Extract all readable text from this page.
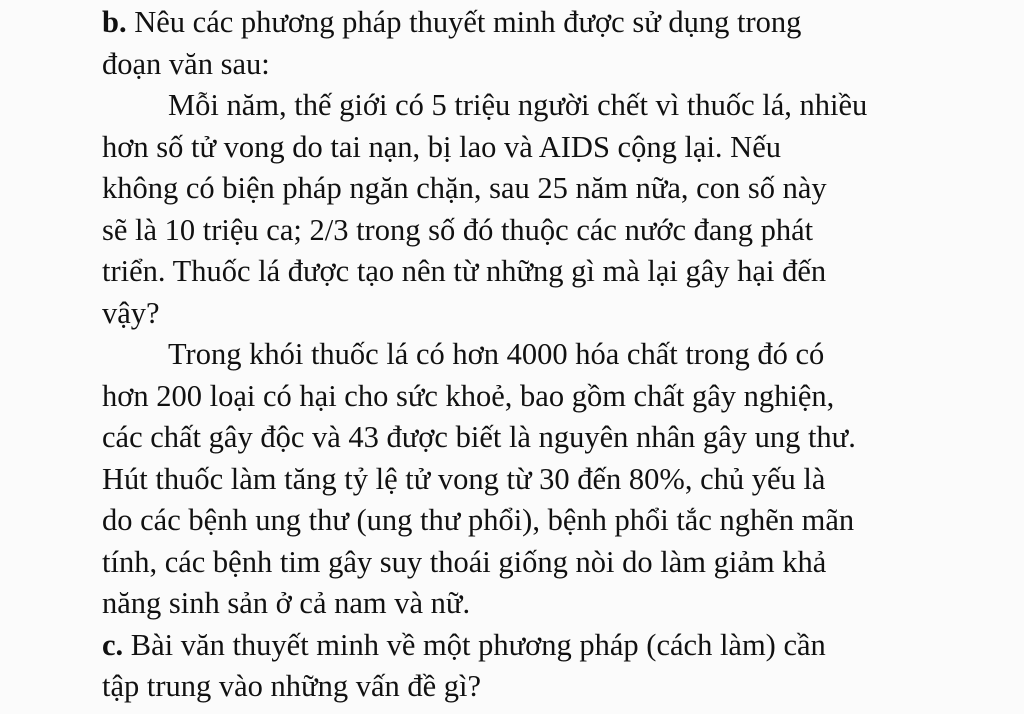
b. Nêu các phương pháp thuyết minh được sử dụng trong
đoạn văn sau:
Mỗi năm, thế giới có 5 triệu người chết vì thuốc lá, nhiều
hơn số tử vong do tai nạn, bị lao và AIDS cộng lại. Nếu
không có biện pháp ngăn chặn, sau 25 năm nữa, con số này
sẽ là 10 triệu ca; 2/3 trong số đó thuộc các nước đang phát
triển. Thuốc lá được tạo nên từ những gì mà lại gây hại đến
vậy?
Trong khói thuốc lá có hơn 4000 hóa chất trong đó có
hơn 200 loại có hại cho sức khoẻ, bao gồm chất gây nghiện,
các chất gây độc và 43 được biết là nguyên nhân gây ung thư.
Hút thuốc làm tăng tỷ lệ tử vong từ 30 đến 80%, chủ yếu là
do các bệnh ung thư (ung thư phổi), bệnh phổi tắc nghẽn mãn
tính, các bệnh tim gây suy thoái giống nòi do làm giảm khả
năng sinh sản ở cả nam và nữ.
c. Bài văn thuyết minh về một phương pháp (cách làm) cần
tập trung vào những vấn đề gì?
